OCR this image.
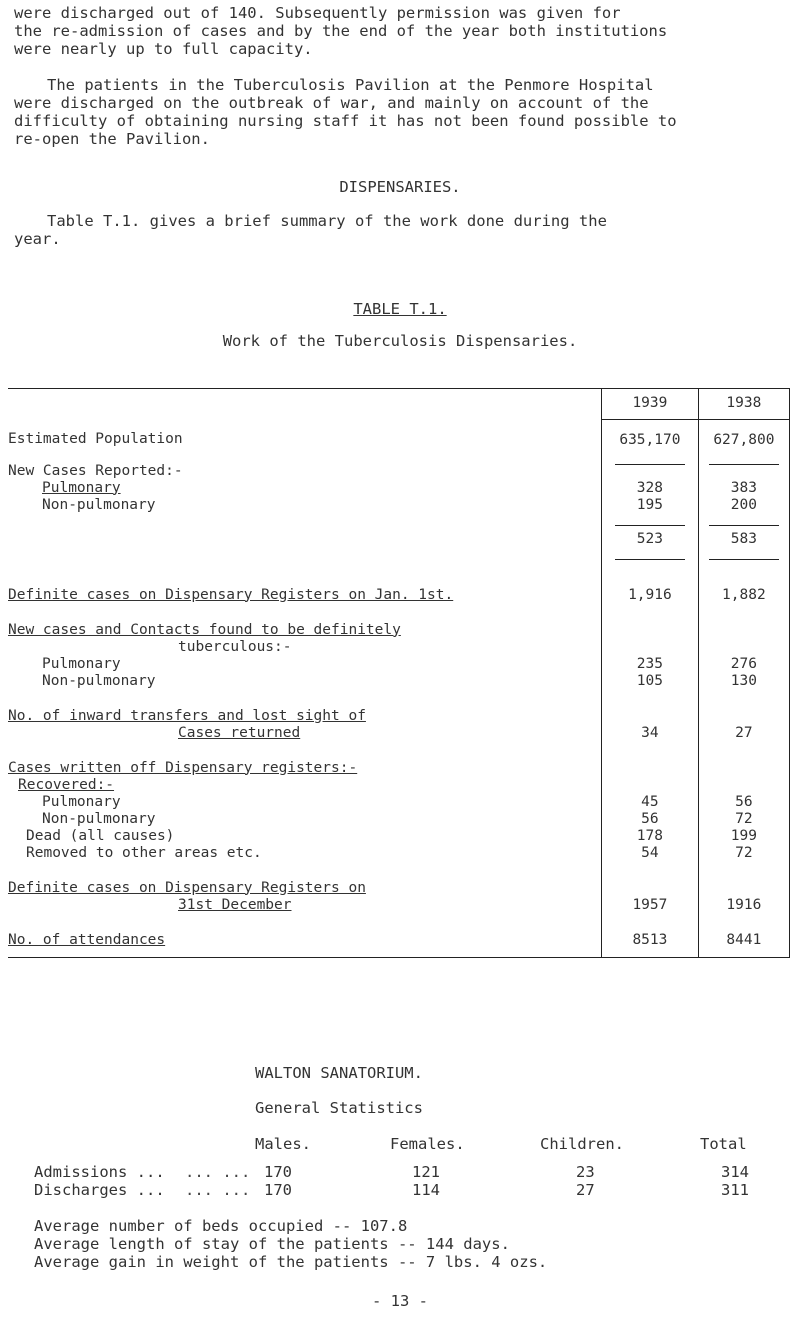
were discharged out of 140. Subsequently permission was given for
the re-admission of cases and by the end of the year both institutions
were nearly up to full capacity.
The patients in the Tuberculosis Pavilion at the Penmore Hospital
were discharged on the outbreak of war, and mainly on account of the
difficulty of obtaining nursing staff it has not been found possible to
re-open the Pavilion.
DISPENSARIES.
Table T.1. gives a brief summary of the work done during the
year.
TABLE T.1.
Work of the Tuberculosis Dispensaries.
	1939	1938
Estimated Population	635,170	627,800
New Cases Reported:-		
Pulmonary	328	383
Non-pulmonary	195	200

	523	583

Definite cases on Dispensary Registers on Jan. 1st.	1,916	1,882
New cases and Contacts found to be definitely		
tuberculous:-		
Pulmonary	235	276
Non-pulmonary	105	130
No. of inward transfers and lost sight of		
Cases returned	34	27
Cases written off Dispensary registers:-		
Recovered:-		
Pulmonary	45	56
Non-pulmonary	56	72
Dead (all causes)	178	199
Removed to other areas etc.	54	72
Definite cases on Dispensary Registers on		
31st December	1957	1916
No. of attendances	8513	8441
WALTON SANATORIUM.
General Statistics
Males.	Females.	Children.	Total
Admissions ... ... ... 170	121	23	314
Discharges ... ... ... 170	114	27	311
Average number of beds occupied -- 107.8
Average length of stay of the patients -- 144 days.
Average gain in weight of the patients -- 7 lbs. 4 ozs.
- 13 -
